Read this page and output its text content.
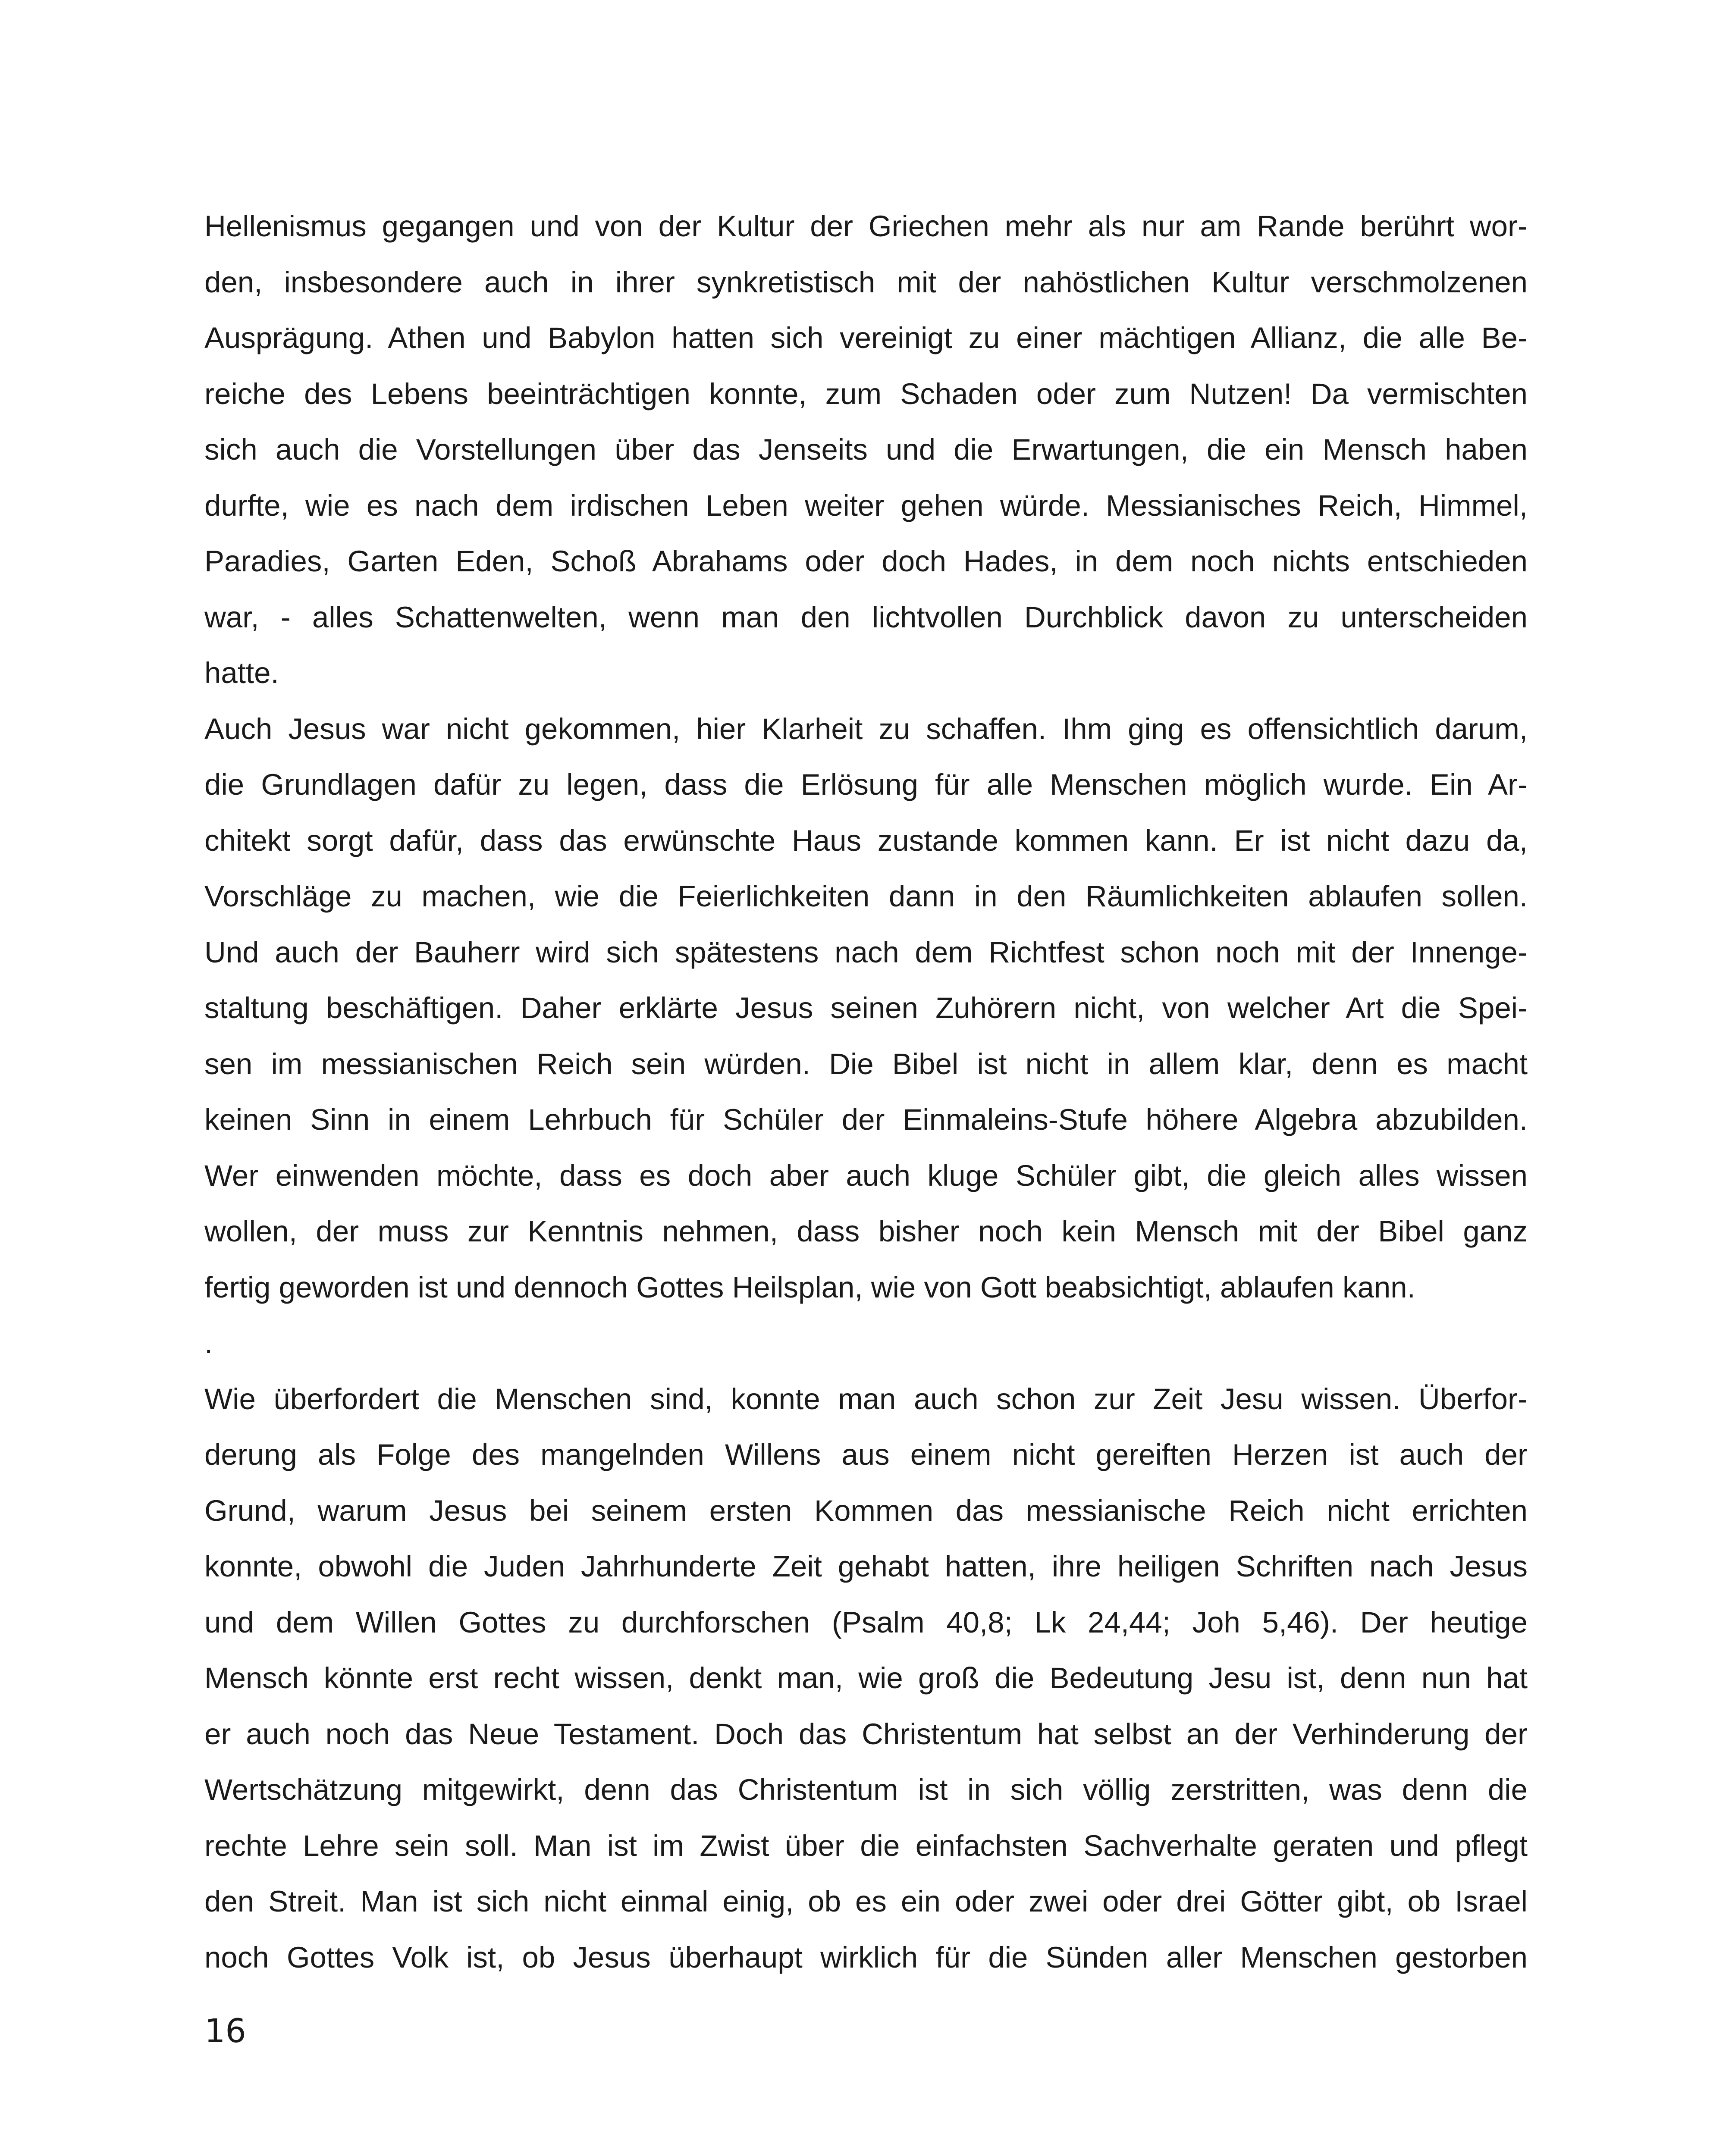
Hellenismus gegangen und von der Kultur der Griechen mehr als nur am Rande berührt wor-
den, insbesondere auch in ihrer synkretistisch mit der nahöstlichen Kultur verschmolzenen
Ausprägung. Athen und Babylon hatten sich vereinigt zu einer mächtigen Allianz, die alle Be-
reiche des Lebens beeinträchtigen konnte, zum Schaden oder zum Nutzen! Da vermischten
sich auch die Vorstellungen über das Jenseits und die Erwartungen, die ein Mensch haben
durfte, wie es nach dem irdischen Leben weiter gehen würde. Messianisches Reich, Himmel,
Paradies, Garten Eden, Schoß Abrahams oder doch Hades, in dem noch nichts entschieden
war, - alles Schattenwelten, wenn man den lichtvollen Durchblick davon zu unterscheiden
hatte.
Auch Jesus war nicht gekommen, hier Klarheit zu schaffen. Ihm ging es offensichtlich darum,
die Grundlagen dafür zu legen, dass die Erlösung für alle Menschen möglich wurde. Ein Ar-
chitekt sorgt dafür, dass das erwünschte Haus zustande kommen kann. Er ist nicht dazu da,
Vorschläge zu machen, wie die Feierlichkeiten dann in den Räumlichkeiten ablaufen sollen.
Und auch der Bauherr wird sich spätestens nach dem Richtfest schon noch mit der Innenge-
staltung beschäftigen. Daher erklärte Jesus seinen Zuhörern nicht, von welcher Art die Spei-
sen im messianischen Reich sein würden. Die Bibel ist nicht in allem klar, denn es macht
keinen Sinn in einem Lehrbuch für Schüler der Einmaleins-Stufe höhere Algebra abzubilden.
Wer einwenden möchte, dass es doch aber auch kluge Schüler gibt, die gleich alles wissen
wollen, der muss zur Kenntnis nehmen, dass bisher noch kein Mensch mit der Bibel ganz
fertig geworden ist und dennoch Gottes Heilsplan, wie von Gott beabsichtigt, ablaufen kann.
.
Wie überfordert die Menschen sind, konnte man auch schon zur Zeit Jesu wissen. Überfor-
derung als Folge des mangelnden Willens aus einem nicht gereiften Herzen ist auch der
Grund, warum Jesus bei seinem ersten Kommen das messianische Reich nicht errichten
konnte, obwohl die Juden Jahrhunderte Zeit gehabt hatten, ihre heiligen Schriften nach Jesus
und dem Willen Gottes zu durchforschen (Psalm 40,8; Lk 24,44; Joh 5,46). Der heutige
Mensch könnte erst recht wissen, denkt man, wie groß die Bedeutung Jesu ist, denn nun hat
er auch noch das Neue Testament. Doch das Christentum hat selbst an der Verhinderung der
Wertschätzung mitgewirkt, denn das Christentum ist in sich völlig zerstritten, was denn die
rechte Lehre sein soll. Man ist im Zwist über die einfachsten Sachverhalte geraten und pflegt
den Streit. Man ist sich nicht einmal einig, ob es ein oder zwei oder drei Götter gibt, ob Israel
noch Gottes Volk ist, ob Jesus überhaupt wirklich für die Sünden aller Menschen gestorben
16
